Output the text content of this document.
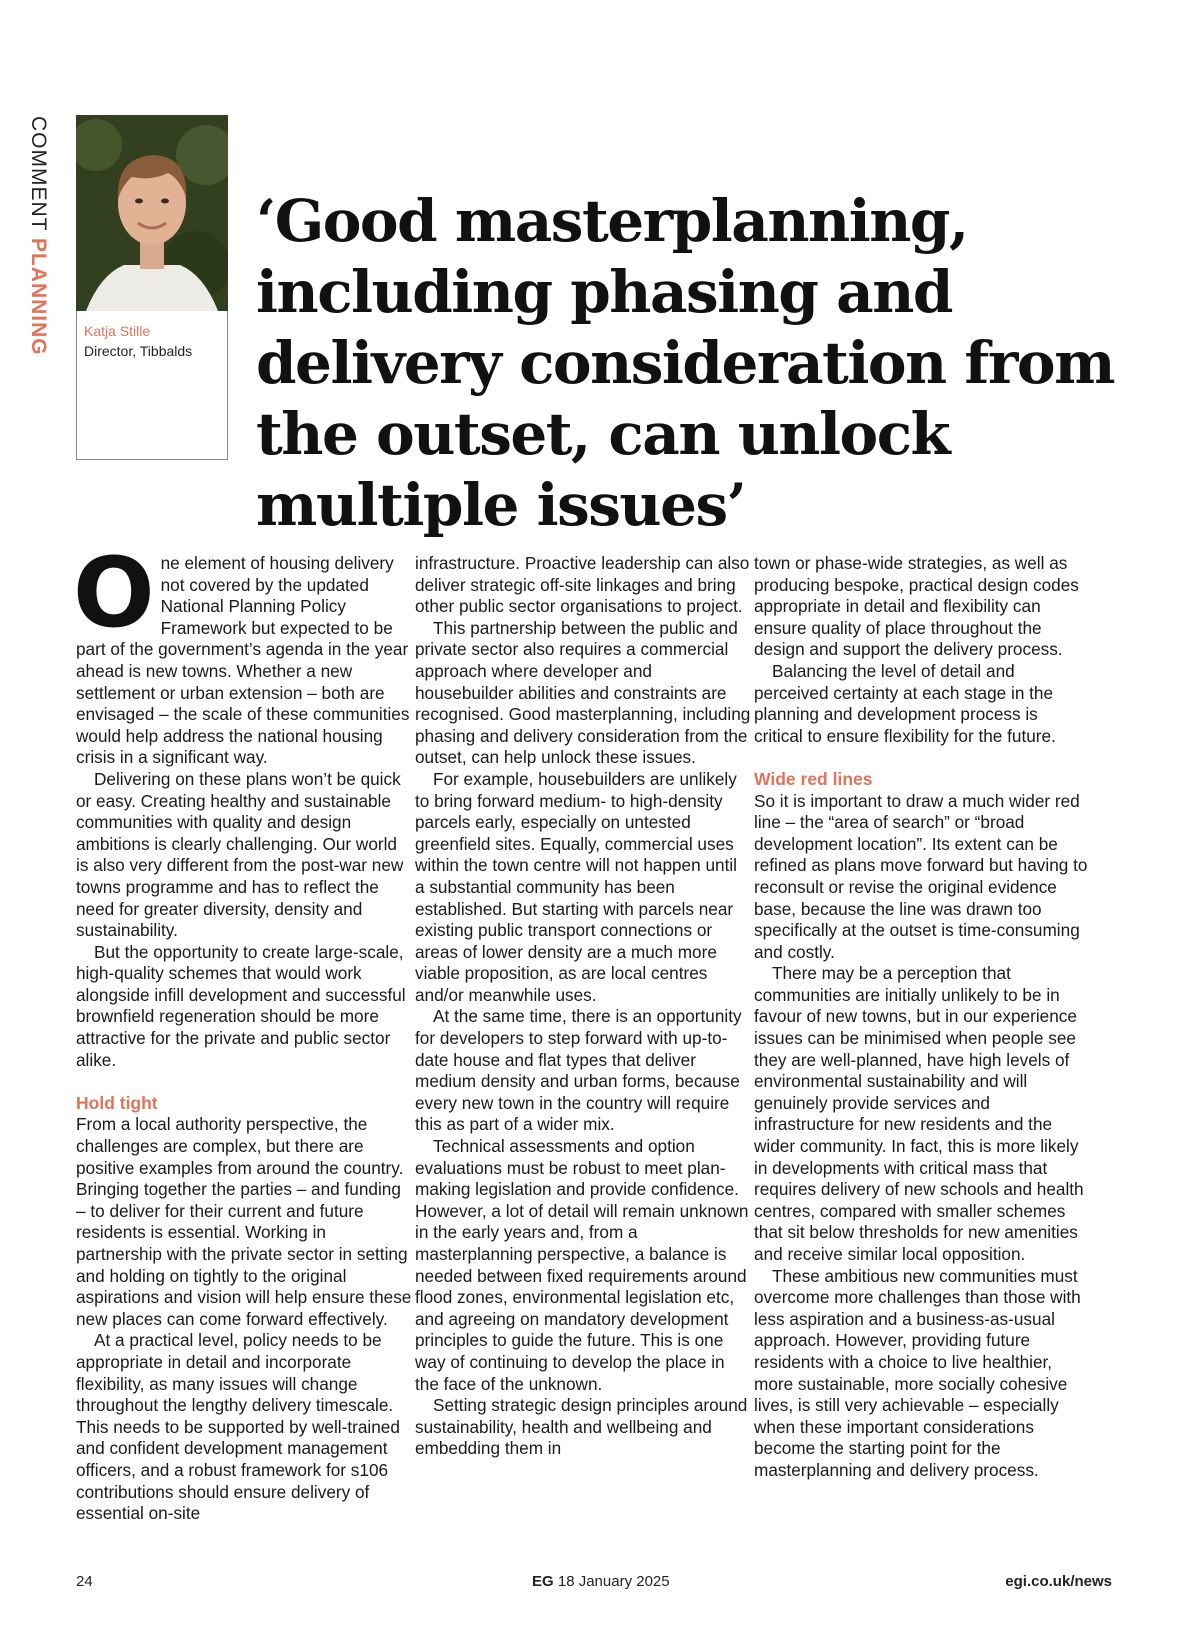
COMMENT PLANNING Katja Stille
Director, Tibbalds
‘Good masterplanning, including phasing and delivery consideration from the outset, can unlock multiple issues’

One element of housing delivery not covered by the updated National Planning Policy Framework but expected to be part of the government’s agenda in the year ahead is new towns. Whether a new settlement or urban extension – both are envisaged – the scale of these communities would help address the national housing crisis in a significant way.

Delivering on these plans won’t be quick or easy. Creating healthy and sustainable communities with quality and design ambitions is clearly challenging. Our world is also very different from the post-war new towns programme and has to reflect the need for greater diversity, density and sustainability.

But the opportunity to create large-scale, high-quality schemes that would work alongside infill development and successful brownfield regeneration should be more attractive for the private and public sector alike.

Hold tight

From a local authority perspective, the challenges are complex, but there are positive examples from around the country. Bringing together the parties – and funding – to deliver for their current and future residents is essential. Working in partnership with the private sector in setting and holding on tightly to the original aspirations and vision will help ensure these new places can come forward effectively.

At a practical level, policy needs to be appropriate in detail and incorporate flexibility, as many issues will change throughout the lengthy delivery timescale. This needs to be supported by well-trained and confident development management officers, and a robust framework for s106 contributions should ensure delivery of essential on-site

infrastructure. Proactive leadership can also deliver strategic off-site linkages and bring other public sector organisations to project.

This partnership between the public and private sector also requires a commercial approach where developer and housebuilder abilities and constraints are recognised. Good masterplanning, including phasing and delivery consideration from the outset, can help unlock these issues.

For example, housebuilders are unlikely to bring forward medium- to high-density parcels early, especially on untested greenfield sites. Equally, commercial uses within the town centre will not happen until a substantial community has been established. But starting with parcels near existing public transport connections or areas of lower density are a much more viable proposition, as are local centres and/or meanwhile uses.

At the same time, there is an opportunity for developers to step forward with up-to-date house and flat types that deliver medium density and urban forms, because every new town in the country will require this as part of a wider mix.

Technical assessments and option evaluations must be robust to meet plan-making legislation and provide confidence. However, a lot of detail will remain unknown in the early years and, from a masterplanning perspective, a balance is needed between fixed requirements around flood zones, environmental legislation etc, and agreeing on mandatory development principles to guide the future. This is one way of continuing to develop the place in the face of the unknown.

Setting strategic design principles around sustainability, health and wellbeing and embedding them in

town or phase-wide strategies, as well as producing bespoke, practical design codes appropriate in detail and flexibility can ensure quality of place throughout the design and support the delivery process.

Balancing the level of detail and perceived certainty at each stage in the planning and development process is critical to ensure flexibility for the future.

Wide red lines

So it is important to draw a much wider red line – the “area of search” or “broad development location”. Its extent can be refined as plans move forward but having to reconsult or revise the original evidence base, because the line was drawn too specifically at the outset is time-consuming and costly.

There may be a perception that communities are initially unlikely to be in favour of new towns, but in our experience issues can be minimised when people see they are well-planned, have high levels of environmental sustainability and will genuinely provide services and infrastructure for new residents and the wider community. In fact, this is more likely in developments with critical mass that requires delivery of new schools and health centres, compared with smaller schemes that sit below thresholds for new amenities and receive similar local opposition.

These ambitious new communities must overcome more challenges than those with less aspiration and a business-as-usual approach. However, providing future residents with a choice to live healthier, more sustainable, more socially cohesive lives, is still very achievable – especially when these important considerations become the starting point for the masterplanning and delivery process.

24	EG 18 January 2025	egi.co.uk/news
